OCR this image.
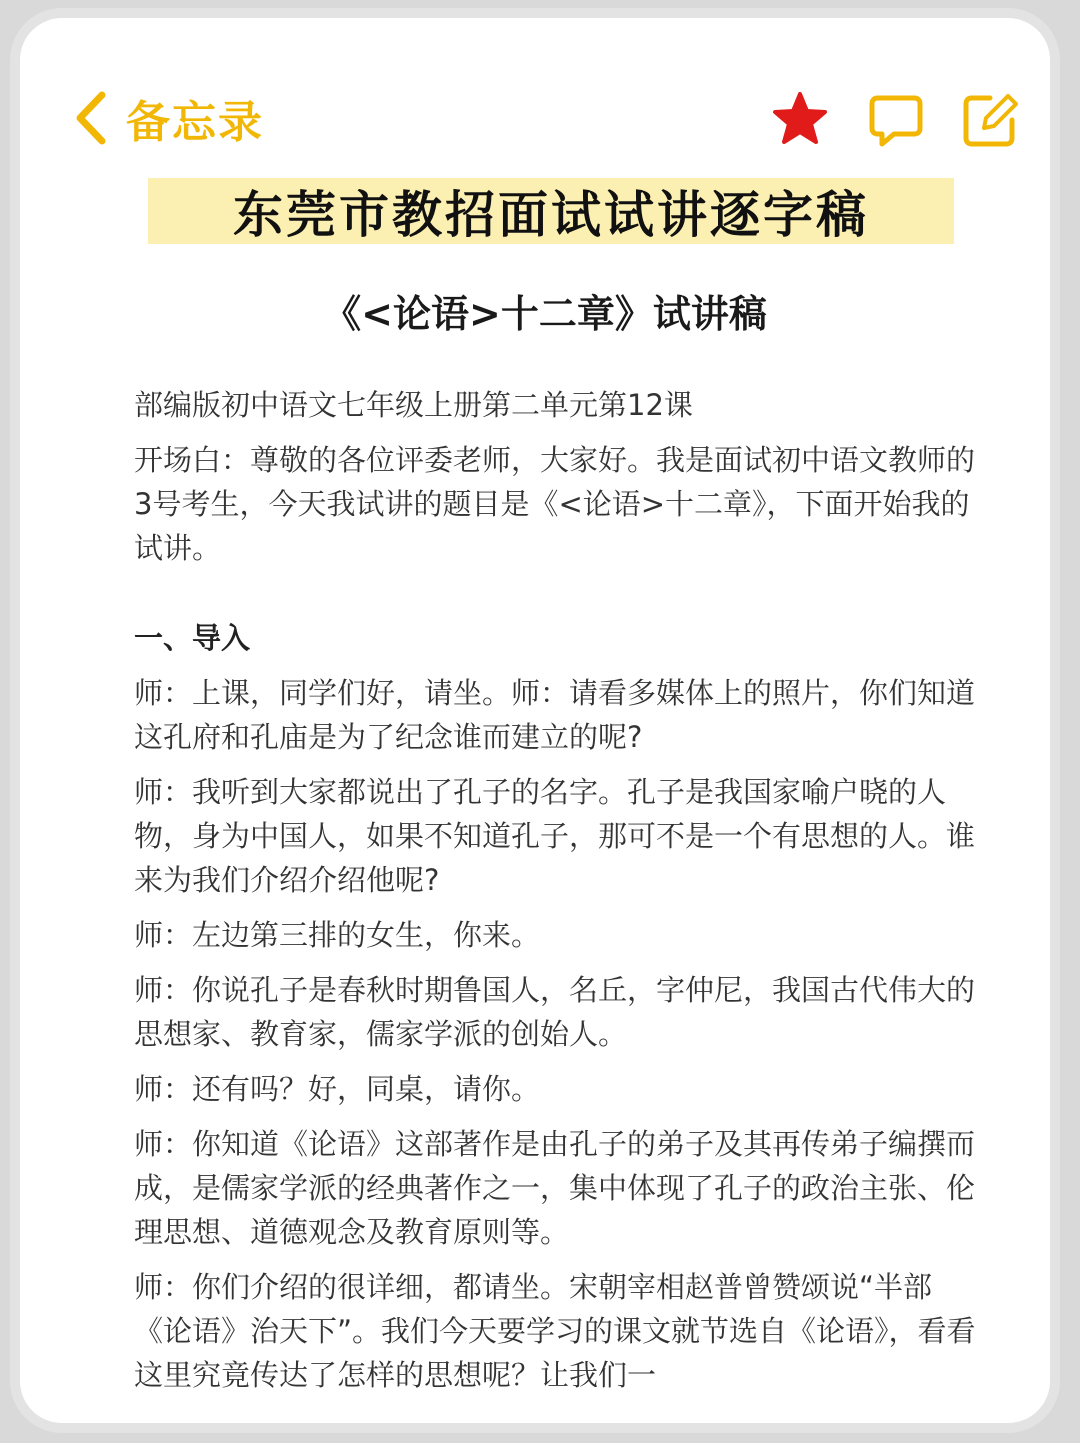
备忘录
东莞市教招面试试讲逐字稿
《<论语>十二章》试讲稿

部编版初中语文七年级上册第二单元第12课

开场白：尊敬的各位评委老师，大家好。我是面试初中语文教师的3号考生，今天我试讲的题目是《<论语>十二章》，下面开始我的试讲。

一、导入

师：上课，同学们好，请坐。师：请看多媒体上的照片，你们知道这孔府和孔庙是为了纪念谁而建立的呢?

师：我听到大家都说出了孔子的名字。孔子是我国家喻户晓的人物，身为中国人，如果不知道孔子，那可不是一个有思想的人。谁来为我们介绍介绍他呢?

师：左边第三排的女生，你来。

师：你说孔子是春秋时期鲁国人，名丘，字仲尼，我国古代伟大的思想家、教育家，儒家学派的创始人。

师：还有吗？好，同桌，请你。

师：你知道《论语》这部著作是由孔子的弟子及其再传弟子编撰而成，是儒家学派的经典著作之一，集中体现了孔子的政治主张、伦理思想、道德观念及教育原则等。

师：你们介绍的很详细，都请坐。宋朝宰相赵普曾赞颂说“半部《论语》治天下”。我们今天要学习的课文就节选自《论语》，看看这里究竟传达了怎样的思想呢？让我们一
